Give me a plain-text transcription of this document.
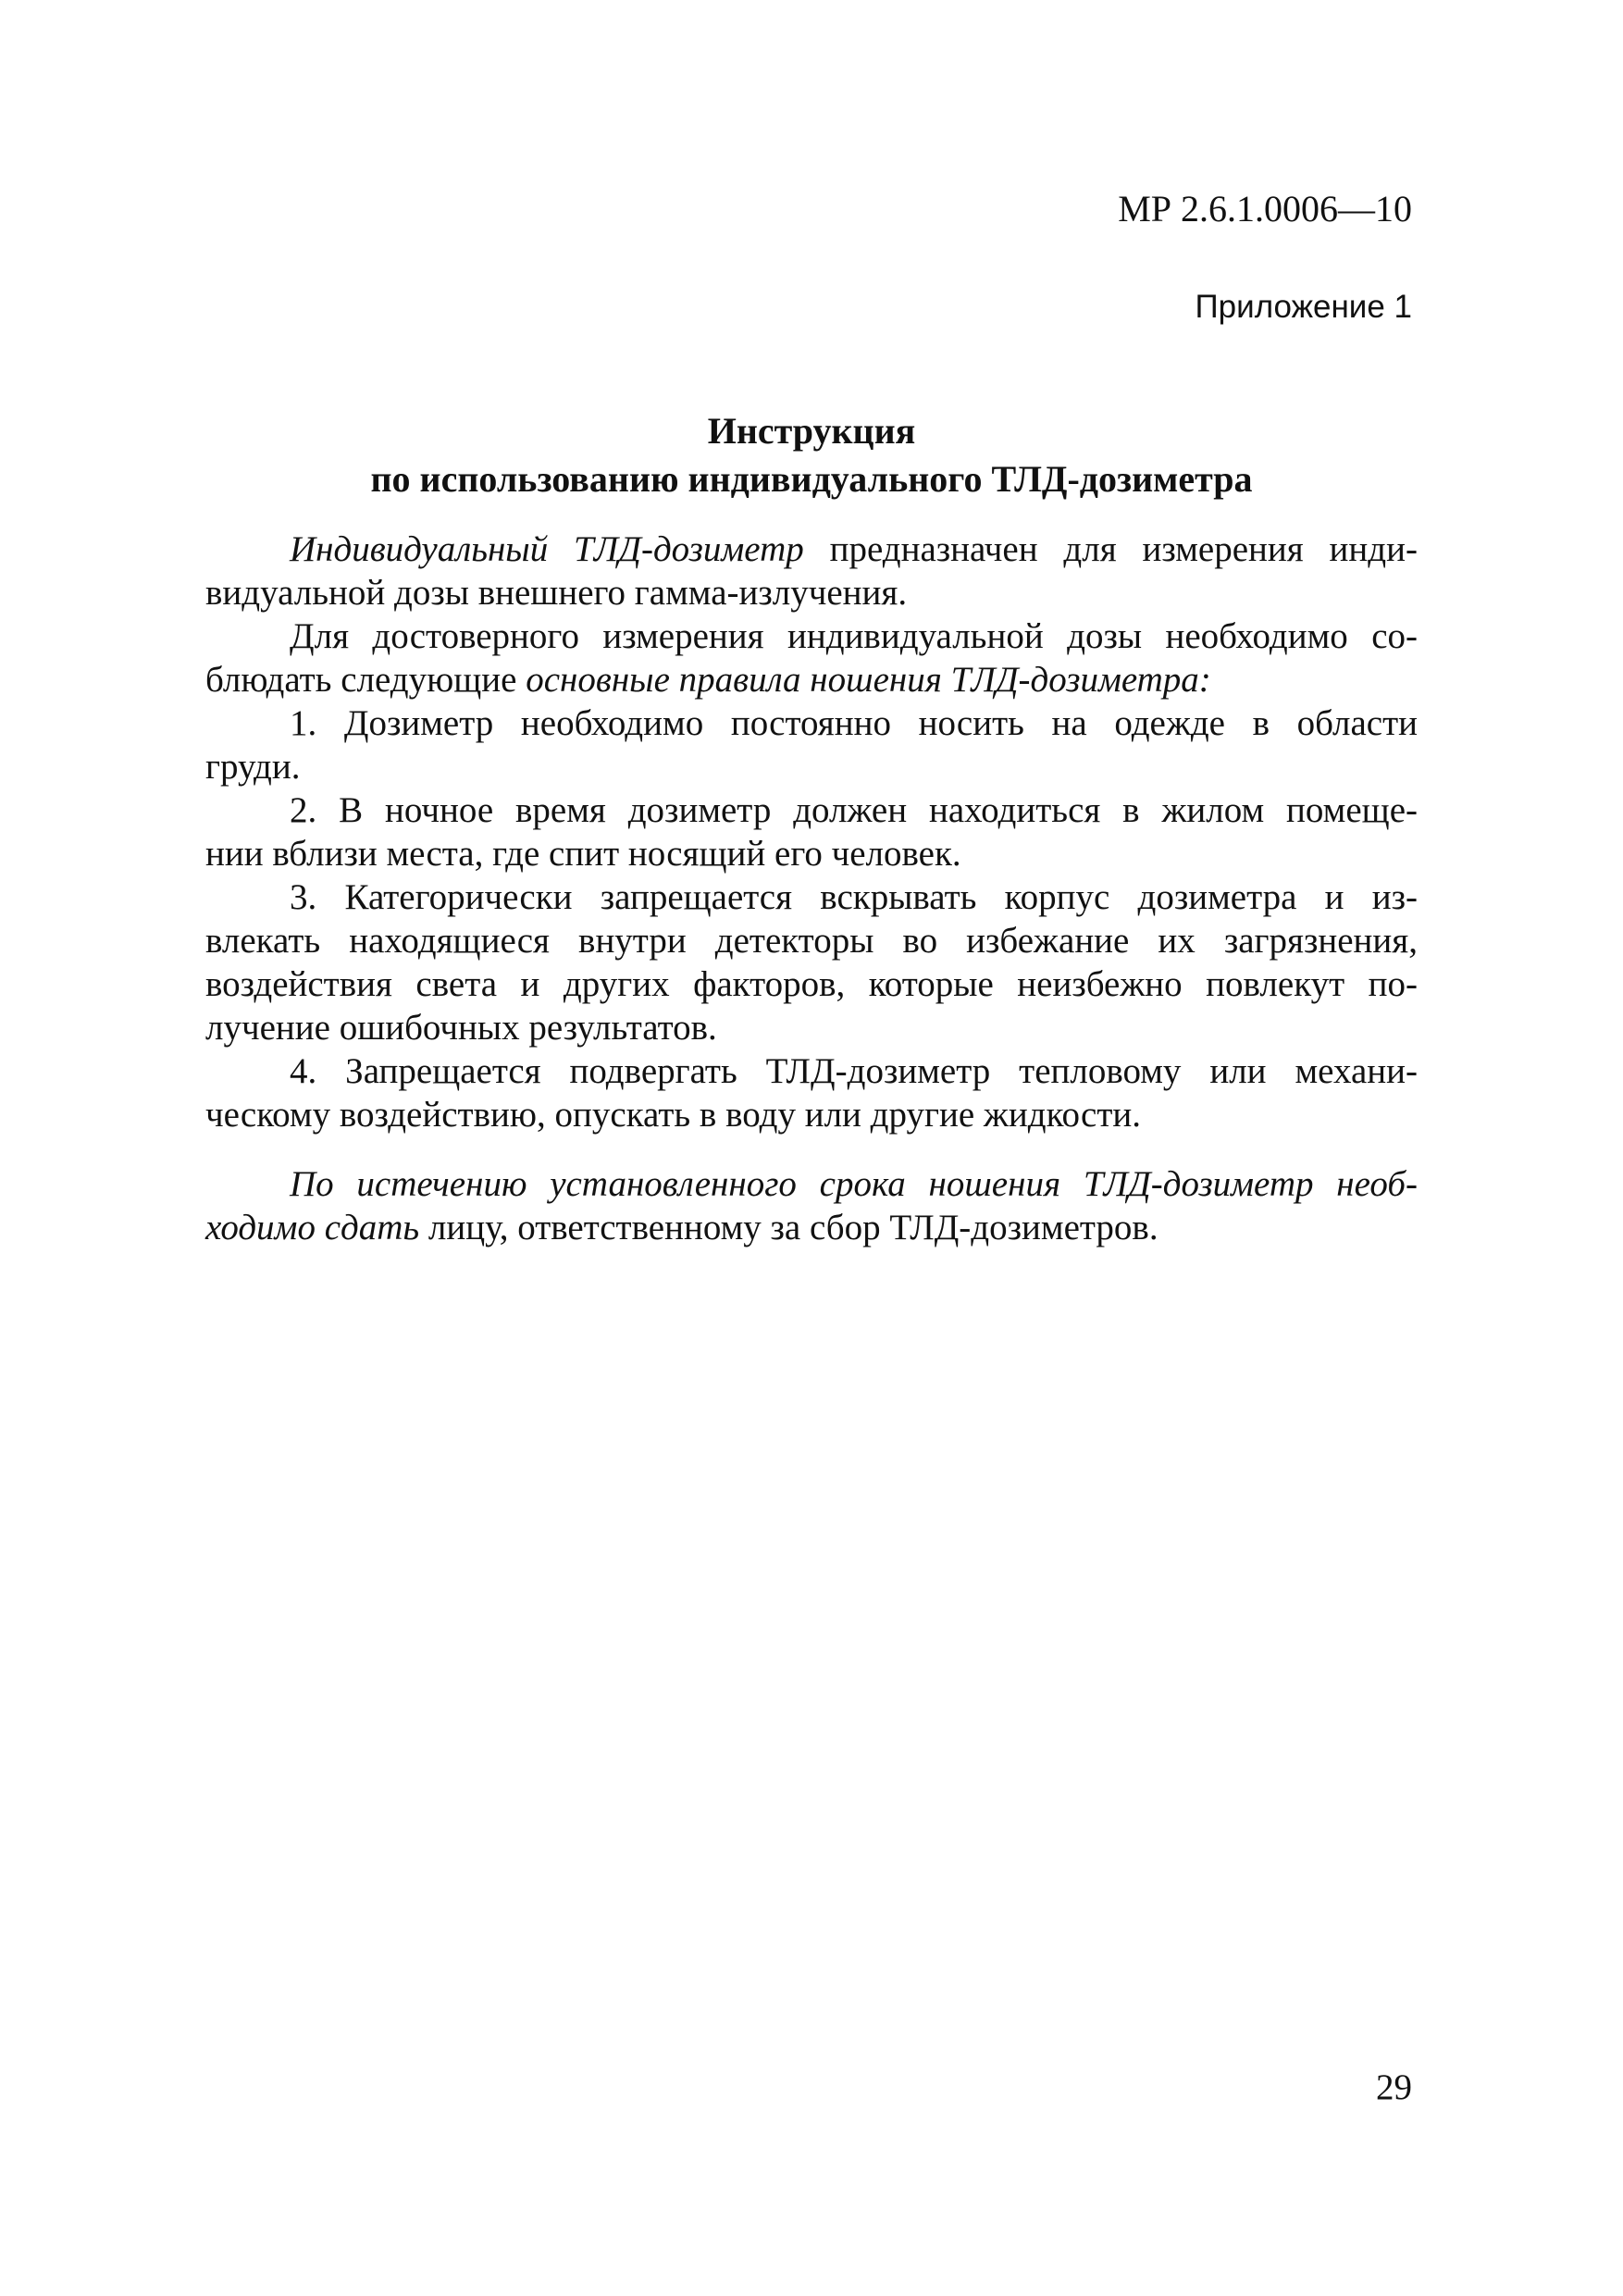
МР 2.6.1.0006—10
Приложение 1
Инструкция
по использованию индивидуального ТЛД-дозиметра
Индивидуальный ТЛД-дозиметр предназначен для измерения инди-
видуальной дозы внешнего гамма-излучения.
Для достоверного измерения индивидуальной дозы необходимо со-
блюдать следующие основные правила ношения ТЛД-дозиметра:
1. Дозиметр необходимо постоянно носить на одежде в области
груди.
2. В ночное время дозиметр должен находиться в жилом помеще-
нии вблизи места, где спит носящий его человек.
3. Категорически запрещается вскрывать корпус дозиметра и из-
влекать находящиеся внутри детекторы во избежание их загрязнения,
воздействия света и других факторов, которые неизбежно повлекут по-
лучение ошибочных результатов.
4. Запрещается подвергать ТЛД-дозиметр тепловому или механи-
ческому воздействию, опускать в воду или другие жидкости.
По истечению установленного срока ношения ТЛД-дозиметр необ-
ходимо сдать лицу, ответственному за сбор ТЛД-дозиметров.
29
